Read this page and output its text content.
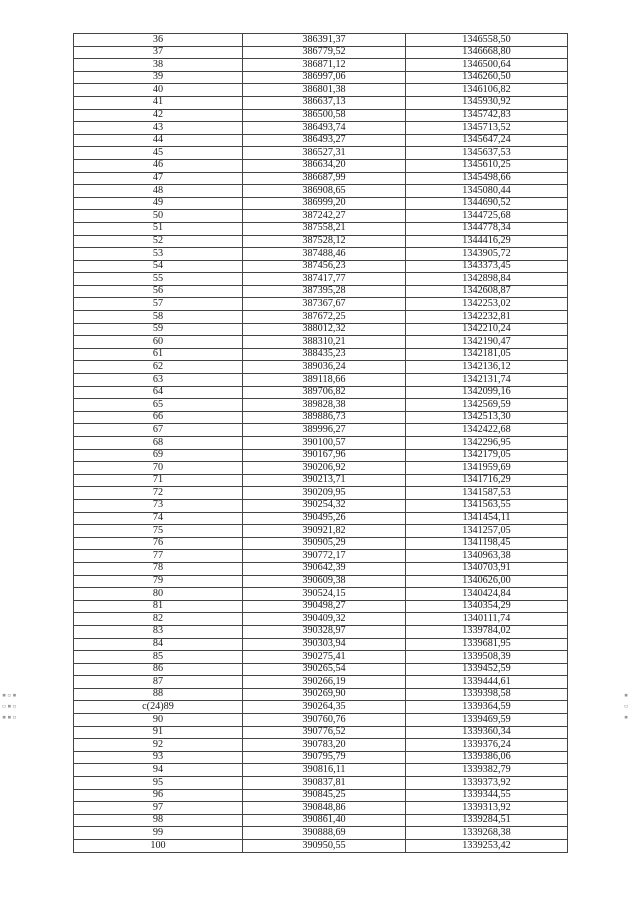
36	386391,37	1346558,50
37	386779,52	1346668,80
38	386871,12	1346500,64
39	386997,06	1346260,50
40	386801,38	1346106,82
41	386637,13	1345930,92
42	386500,58	1345742,83
43	386493,74	1345713,52
44	386493,27	1345647,24
45	386527,31	1345637,53
46	386634,20	1345610,25
47	386687,99	1345498,66
48	386908,65	1345080,44
49	386999,20	1344690,52
50	387242,27	1344725,68
51	387558,21	1344778,34
52	387528,12	1344416,29
53	387488,46	1343905,72
54	387456,23	1343373,45
55	387417,77	1342898,84
56	387395,28	1342608,87
57	387367,67	1342253,02
58	387672,25	1342232,81
59	388012,32	1342210,24
60	388310,21	1342190,47
61	388435,23	1342181,05
62	389036,24	1342136,12
63	389118,66	1342131,74
64	389706,82	1342099,16
65	389828,38	1342569,59
66	389886,73	1342513,30
67	389996,27	1342422,68
68	390100,57	1342296,95
69	390167,96	1342179,05
70	390206,92	1341959,69
71	390213,71	1341716,29
72	390209,95	1341587,53
73	390254,32	1341563,55
74	390495,26	1341454,11
75	390921,82	1341257,05
76	390905,29	1341198,45
77	390772,17	1340963,38
78	390642,39	1340703,91
79	390609,38	1340626,00
80	390524,15	1340424,84
81	390498,27	1340354,29
82	390409,32	1340111,74
83	390328,97	1339784,02
84	390303,94	1339681,95
85	390275,41	1339508,39
86	390265,54	1339452,59
87	390266,19	1339444,61
88	390269,90	1339398,58
c(24)89	390264,35	1339364,59
90	390760,76	1339469,59
91	390776,52	1339360,34
92	390783,20	1339376,24
93	390795,79	1339386,06
94	390816,11	1339382,79
95	390837,81	1339373,92
96	390845,25	1339344,55
97	390848,86	1339313,92
98	390861,40	1339284,51
99	390888,69	1339268,38
100	390950,55	1339253,42
▪▫▪
▫▪▫
▪▪▫
▪
▫
▪
